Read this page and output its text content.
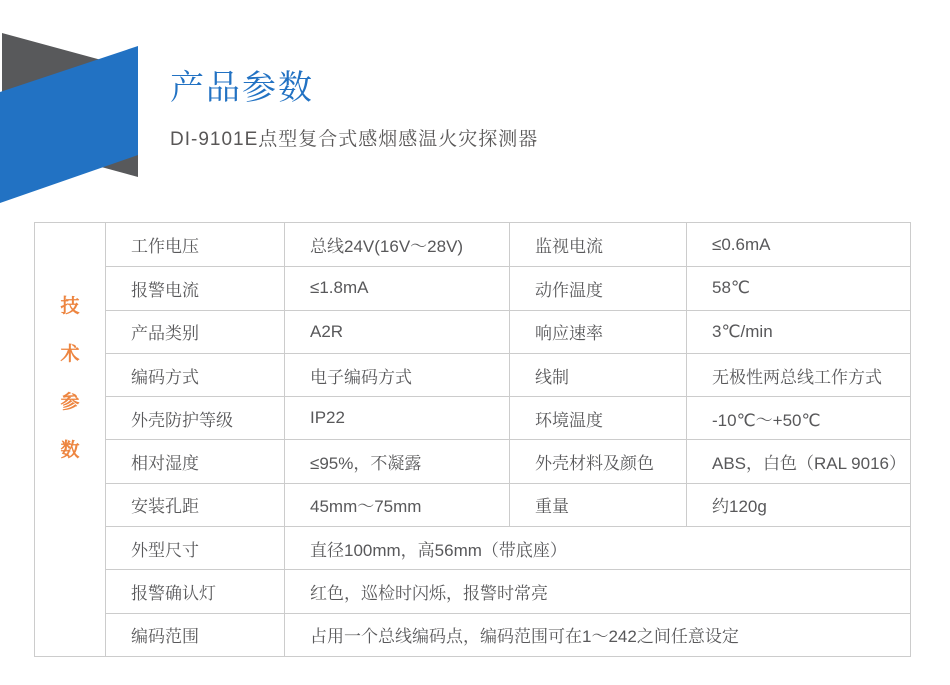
产品参数
DI-9101E点型复合式感烟感温火灾探测器
技
术
参
数
工作电压	总线24V(16V～28V)	监视电流	≤0.6mA
报警电流	≤1.8mA	动作温度	58℃
产品类别	A2R	响应速率	3℃/min
编码方式	电子编码方式	线制	无极性两总线工作方式
外壳防护等级	IP22	环境温度	-10℃～+50℃
相对湿度	≤95%，不凝露	外壳材料及颜色	ABS，白色（RAL 9016）
安装孔距	45mm～75mm	重量	约120g
外型尺寸	直径100mm，高56mm（带底座）
报警确认灯	红色，巡检时闪烁，报警时常亮
编码范围	占用一个总线编码点，编码范围可在1～242之间任意设定
